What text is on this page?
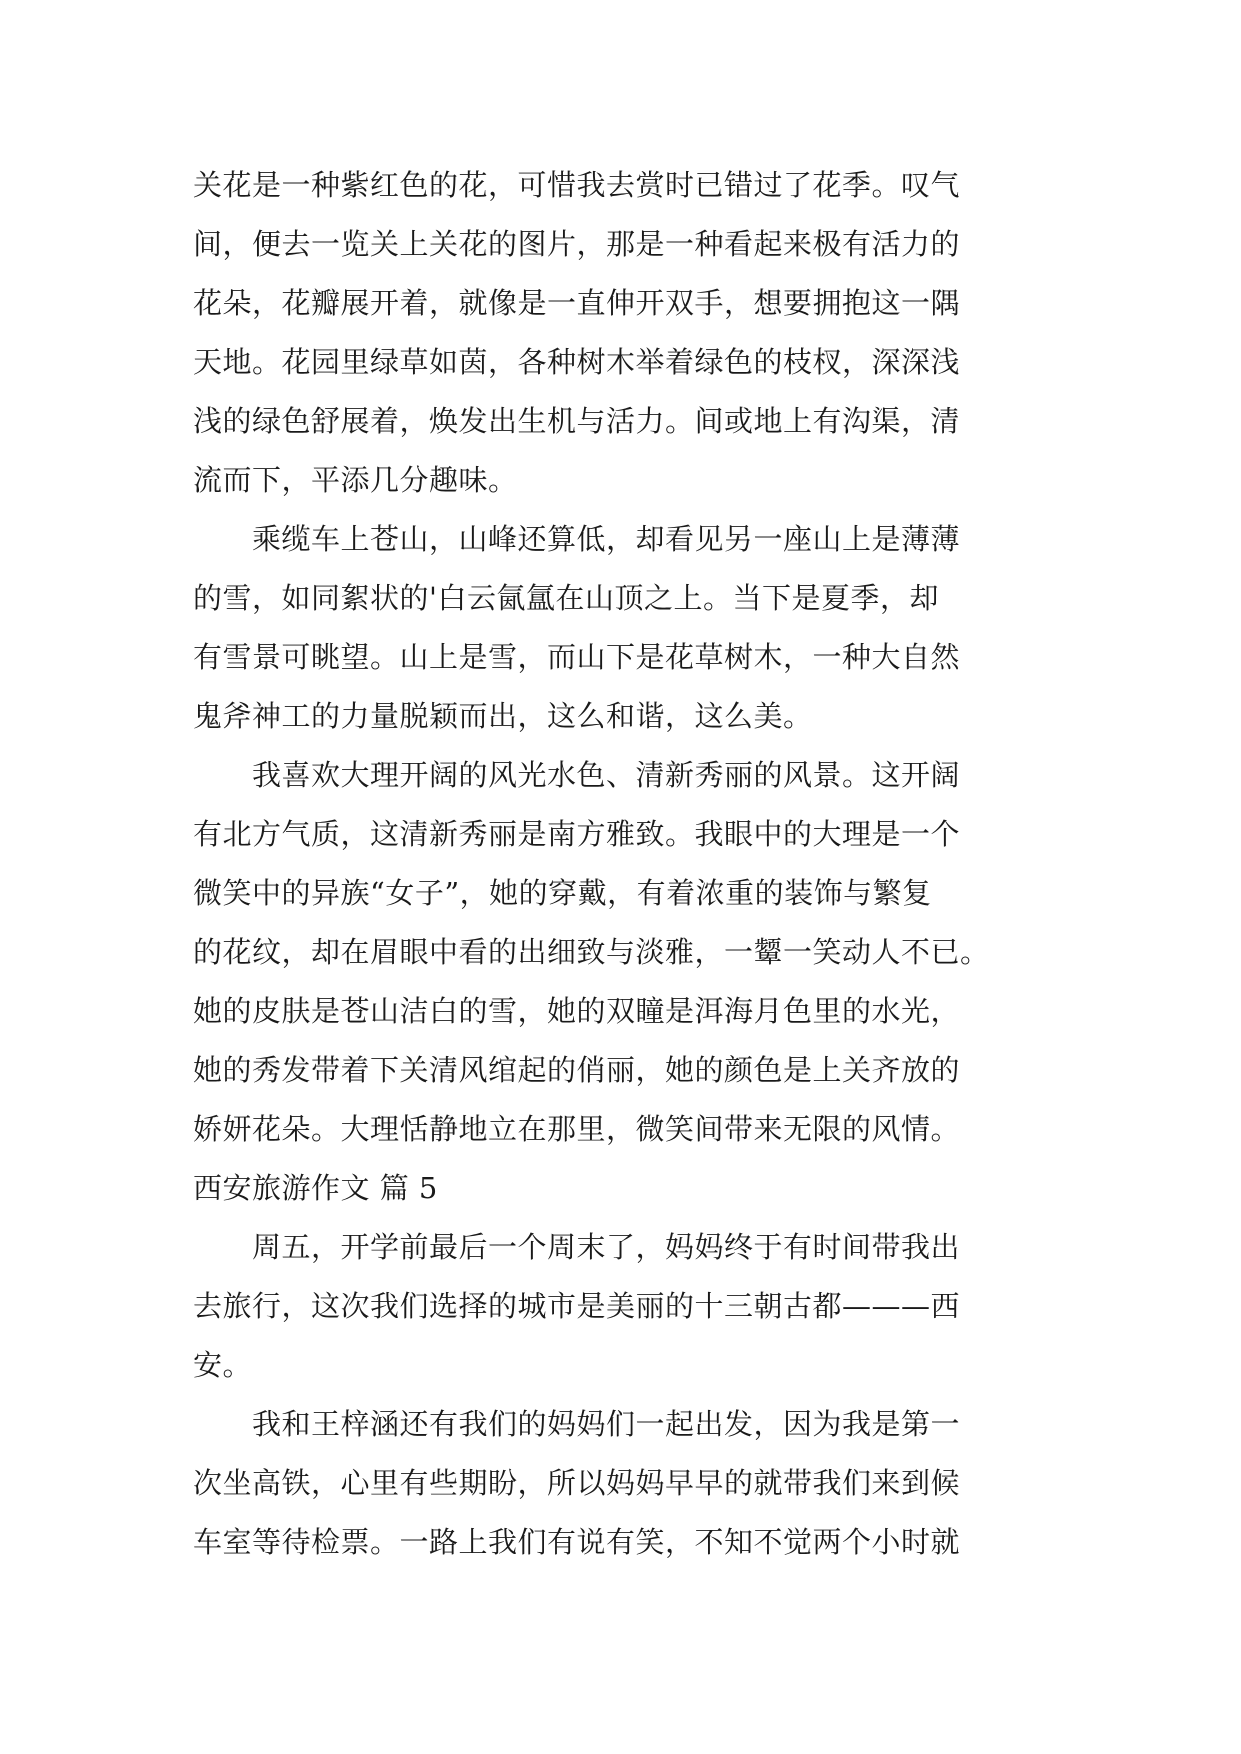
关花是一种紫红色的花，可惜我去赏时已错过了花季。叹气
间，便去一览关上关花的图片，那是一种看起来极有活力的
花朵，花瓣展开着，就像是一直伸开双手，想要拥抱这一隅
天地。花园里绿草如茵，各种树木举着绿色的枝杈，深深浅
浅的绿色舒展着，焕发出生机与活力。间或地上有沟渠，清
流而下，平添几分趣味。
乘缆车上苍山，山峰还算低，却看见另一座山上是薄薄
的雪，如同絮状的'白云氤氲在山顶之上。当下是夏季，却
有雪景可眺望。山上是雪，而山下是花草树木，一种大自然
鬼斧神工的力量脱颖而出，这么和谐，这么美。
我喜欢大理开阔的风光水色、清新秀丽的风景。这开阔
有北方气质，这清新秀丽是南方雅致。我眼中的大理是一个
微笑中的异族“女子”，她的穿戴，有着浓重的装饰与繁复
的花纹，却在眉眼中看的出细致与淡雅，一颦一笑动人不已。
她的皮肤是苍山洁白的雪，她的双瞳是洱海月色里的水光，
她的秀发带着下关清风绾起的俏丽，她的颜色是上关齐放的
娇妍花朵。大理恬静地立在那里，微笑间带来无限的风情。
西安旅游作文 篇 5
周五，开学前最后一个周末了，妈妈终于有时间带我出
去旅行，这次我们选择的城市是美丽的十三朝古都———西
安。
我和王梓涵还有我们的妈妈们一起出发，因为我是第一
次坐高铁，心里有些期盼，所以妈妈早早的就带我们来到候
车室等待检票。一路上我们有说有笑，不知不觉两个小时就
